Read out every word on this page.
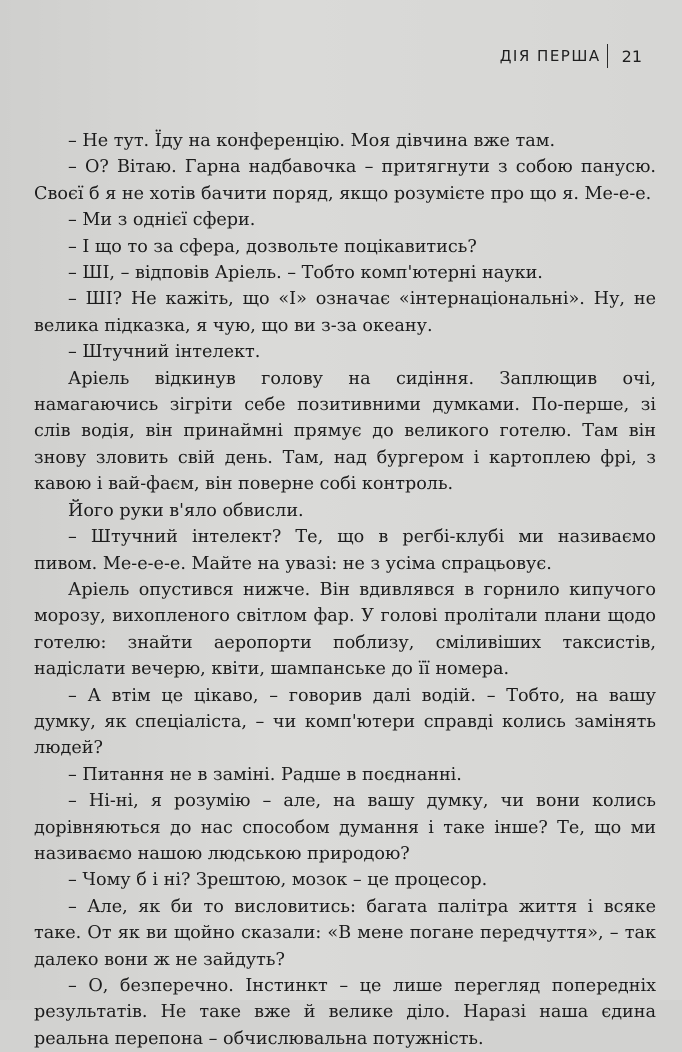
ДІЯ ПЕРША 21

– Не тут. Їду на конференцію. Моя дівчина вже там.

– О? Вітаю. Гарна надбавочка – притягнути з собою панусю. Своєї б я не хотів бачити поряд, якщо розумієте про що я. Ме-е-е.

– Ми з однієї сфери.

– І що то за сфера, дозвольте поцікавитись?

– ШІ, – відповів Аріель. – Тобто комп'ютерні науки.

– ШІ? Не кажіть, що «І» означає «інтернаціональні». Ну, не велика підказка, я чую, що ви з-за океану.

– Штучний інтелект.

Аріель відкинув голову на сидіння. Заплющив очі, намагаючись зігріти себе позитивними думками. По-перше, зі слів водія, він принаймні прямує до великого готелю. Там він знову зловить свій день. Там, над бургером і картоплею фрі, з кавою і вай-фаєм, він поверне собі контроль.

Його руки в'яло обвисли.

– Штучний інтелект? Те, що в регбі-клубі ми називаємо пивом. Ме-е-е-е. Майте на увазі: не з усіма спрацьовує.

Аріель опустився нижче. Він вдивлявся в горнило кипучого морозу, вихопленого світлом фар. У голові пролітали плани щодо готелю: знайти аеропорти поблизу, сміливіших таксистів, надіслати вечерю, квіти, шампанське до її номера.

– А втім це цікаво, – говорив далі водій. – Тобто, на вашу думку, як спеціаліста, – чи комп'ютери справді колись замінять людей?

– Питання не в заміні. Радше в поєднанні.

– Ні-ні, я розумію – але, на вашу думку, чи вони колись дорівняються до нас способом думання і таке інше? Те, що ми називаємо нашою людською природою?

– Чому б і ні? Зрештою, мозок – це процесор.

– Але, як би то висловитись: багата палітра життя і всяке таке. От як ви щойно сказали: «В мене погане передчуття», – так далеко вони ж не зайдуть?

– О, безперечно. Інстинкт – це лише перегляд попередніх результатів. Не таке вже й велике діло. Наразі наша єдина реальна перепона – обчислювальна потужність.
